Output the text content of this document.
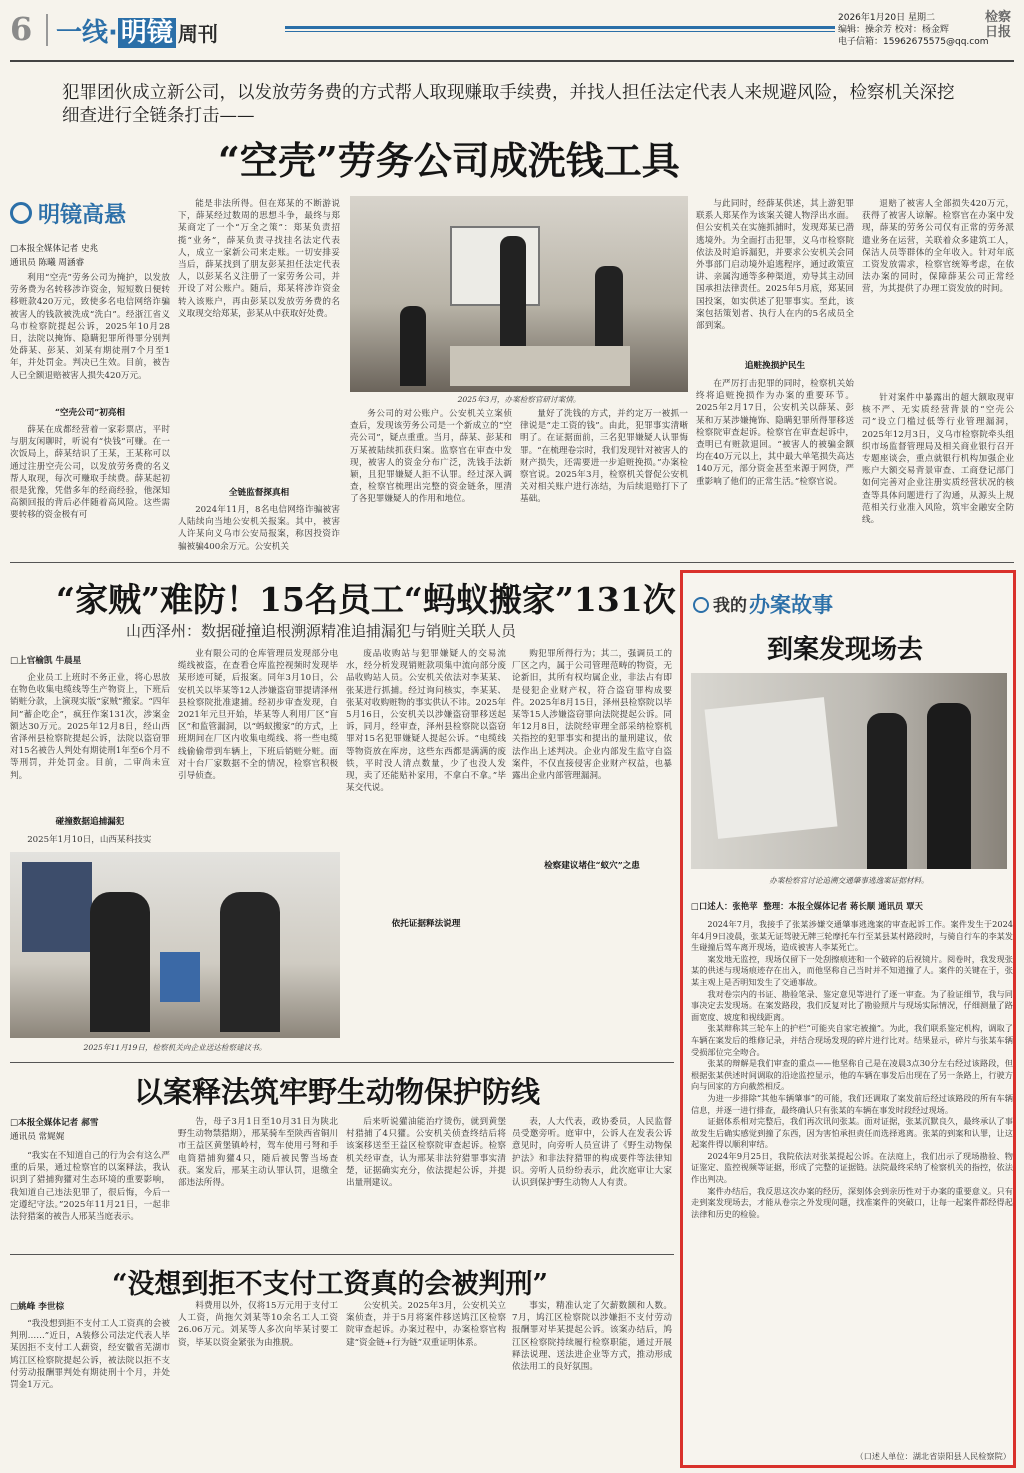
6 一线· 明镜 周刊
2026年1月20日 星期二
编辑：操余芳 校对：杨金辉
电子信箱：15962675575@qq.com
检察日报
犯罪团伙成立新公司，以发放劳务费的方式帮人取现赚取手续费，并找人担任法定代表人来规避风险，检察机关深挖细查进行全链条打击——
“空壳”劳务公司成洗钱工具
明镜高悬
□本报全媒体记者 史兆
通讯员 陈曦 周涵睿

利用“空壳”劳务公司为掩护，以发放劳务费为名转移涉诈资金，短短数日便转移赃款420万元，致使多名电信网络诈骗被害人的钱款被洗成“洗白”。经浙江省义乌市检察院提起公诉，2025年10月28日，法院以掩饰、隐瞒犯罪所得罪分别判处薛某、彭某、刘某有期徒刑7个月至1年，并处罚金。判决已生效。目前，被告人已全额退赔被害人损失420万元。

“空壳公司”初亮相

薛某在成都经营着一家彩票店，平时与朋友闲聊时，听说有“快钱”可赚。在一次饭局上，薛某结识了王某，王某称可以通过注册空壳公司，以发放劳务费的名义帮人取现，每次可赚取手续费。薛某起初很是犹豫，凭借多年的经商经验，他深知高额回报的背后必伴随着高风险。这些需要转移的资金极有可

能是非法所得。但在郑某的不断游说下，薛某经过数周的思想斗争，最终与郑某商定了一个“万全之策”：郑某负责招揽“业务”，薛某负责寻找挂名法定代表人，成立一家新公司来走账。一切安排妥当后，薛某找到了朋友彭某担任法定代表人，以彭某名义注册了一家劳务公司，并开设了对公账户。随后，郑某将涉诈资金转入该账户，再由彭某以发放劳务费的名义取现交给郑某，彭某从中获取好处费。

全链监督探真相

2024年11月，8名电信网络诈骗被害人陆续向当地公安机关报案。其中，被害人许某向义乌市公安局报案，称因投资诈骗被骗400余万元。公安机关

2025年3月，办案检察官研讨案情。

务公司的对公账户。公安机关立案侦查后，发现该劳务公司是一个新成立的“空壳公司”，疑点重重。当月，薛某、彭某和万某被陆续抓获归案。监察官在审查中发现，被害人的资金分布广泛，洗钱手法新颖，且犯罪嫌疑人拒不认罪。经过深入调查，检察官梳理出完整的资金链条，厘清了各犯罪嫌疑人的作用和地位。

量好了洗钱的方式，并约定万一被抓一律说是“走工资的钱”。由此，犯罪事实清晰明了。在证据面前，三名犯罪嫌疑人认罪悔罪。“在梳理卷宗时，我们发现针对被害人的财产损失，还需要进一步追赃挽损。”办案检察官说。2025年3月，检察机关督促公安机关对相关账户进行冻结，为后续退赔打下了基础。

与此同时，经薛某供述，其上游犯罪联系人郑某作为该案关键人物浮出水面。但公安机关在实施抓捕时，发现郑某已潜逃境外。为全面打击犯罪，义乌市检察院依法及时追诉漏犯，并要求公安机关会同外事部门启动境外追逃程序，通过政策宣讲、亲属沟通等多种渠道，劝导其主动回国承担法律责任。2025年5月底，郑某回国投案，如实供述了犯罪事实。至此，该案包括策划者、执行人在内的5名成员全部到案。

追赃挽损护民生

在严厉打击犯罪的同时，检察机关始终将追赃挽损作为办案的重要环节。2025年2月17日，公安机关以薛某、彭某和万某涉嫌掩饰、隐瞒犯罪所得罪移送检察院审查起诉。检察官在审查起诉中，查明已有赃款退回。“被害人的被骗金额均在40万元以上，其中最大单笔损失高达140万元，部分资金甚至来源于网贷，严重影响了他们的正常生活。”检察官说。

退赔了被害人全部损失420万元，获得了被害人谅解。检察官在办案中发现，薛某的劳务公司仅有正常的劳务派遣业务在运营，关联着众多建筑工人，保洁人员等群体的全年收入。针对年底工资发放需求，检察官统筹考虑，在依法办案的同时，保障薛某公司正常经营，为其提供了办理工资发放的时间。

针对案件中暴露出的超大额取现审核不严、无实质经营背景的“空壳公司”设立门槛过低等行业管理漏洞，2025年12月3日，义乌市检察院牵头组织市场监督管理局及相关商业银行召开专题座谈会，重点就银行机构加强企业账户大额交易背景审查、工商登记部门如何完善对企业注册实质经营状况的核查等具体问题进行了沟通，从源头上规范相关行业准入风险，筑牢金融安全防线。

“家贼”难防！15名员工“蚂蚁搬家”131次
山西泽州：数据碰撞追根溯源精准追捕漏犯与销赃关联人员
□上官榆凯 牛晨星

企业员工上班时不务正业，将心思放在物色收集电缆线等生产物资上，下班后销赃分款，上演现实版“家贼”搬家。“四年间”蓄企吃企”，疯狂作案131次，涉案金额达30万元。2025年12月8日，经山西省泽州县检察院提起公诉，法院以盗窃罪对15名被告人判处有期徒刑1年至6个月不等刑罚，并处罚金。目前，二审尚未宣判。

碰撞数据追捕漏犯

2025年1月10日，山西某科技实

业有限公司的仓库管理员发现部分电缆线被盗，在查看仓库监控视频时发现毕某形迹可疑，后报案。同年3月10日，公安机关以毕某等12人涉嫌盗窃罪提请泽州县检察院批准逮捕。经初步审查发现，自2021年元旦开始，毕某等人利用厂区“盲区”和监管漏洞，以“蚂蚁搬家”的方式，上班期间在厂区内收集电缆线、将一些电缆线偷偷带到车辆上，下班后销赃分赃。面对十台厂家数据不全的情况，检察官积极引导侦查。

2025年11月19日，检察机关向企业送达检察建议书。

废品收购站与犯罪嫌疑人的交易流水，经分析发现销赃款项集中流向部分废品收购站人员。公安机关依法对李某某、张某进行抓捕。经过询问核实，李某某、张某对收购赃物的事实供认不讳。2025年5月16日，公安机关以涉嫌盗窃罪移送起诉，同月，经审查，泽州县检察院以盗窃罪对15名犯罪嫌疑人提起公诉。“电缆线等物资放在库房，这些东西都是满满的废铁，平时没人清点数量，少了也没人发现，卖了还能贴补家用，不拿白不拿。”毕某交代说。

依托证据释法说理

购犯罪所得行为；其二，强调员工的厂区之内，属于公司管理范畴的物资，无论新旧，其所有权均属企业，非法占有即是侵犯企业财产权，符合盗窃罪构成要件。2025年8月15日，泽州县检察院以毕某等15人涉嫌盗窃罪向法院提起公诉。同年12月8日，法院经审理全部采纳检察机关指控的犯罪事实和提出的量刑建议，依法作出上述判决。企业内部发生监守自盗案件，不仅直接侵害企业财产权益，也暴露出企业内部管理漏洞。

检察建议堵住“蚁穴”之患
以案释法筑牢野生动物保护防线
□本报全媒体记者 郝雪
通讯员 常娓娓

“我实在不知道自己的行为会有这么严重的后果，通过检察官的以案释法，我认识到了猎捕狗獾对生态环境的重要影响，我知道自己违法犯罪了，很后悔，今后一定遵纪守法。”2025年11月21日，一起非法狩猎案的被告人邢某当庭表示。

告，母子3月1日至10月31日为陕北野生动物禁猎期），邢某骑车至陕西省铜川市王益区黄堡镇岭村，驾车使用弓弩和手电筒猎捕狗獾4只，随后被民警当场查获。案发后，邢某主动认罪认罚，退缴全部违法所得。

后来听说獾油能治疗烫伤，就到黄堡村猎捕了4只獾。公安机关侦查终结后将该案移送至王益区检察院审查起诉。检察机关经审查，认为邢某非法狩猎罪事实清楚，证据确实充分，依法提起公诉，并提出量刑建议。

表，人大代表，政协委员，人民监督员受邀旁听。庭审中，公诉人在发表公诉意见时，向旁听人员宣讲了《野生动物保护法》和非法狩猎罪的构成要件等法律知识。旁听人员纷纷表示，此次庭审让大家认识到保护野生动物人人有责。

“没想到拒不支付工资真的会被判刑”
□姚峰 李世棕

“我没想到拒不支付工人工资真的会被判刑……”近日，A装修公司法定代表人毕某因拒不支付工人薪资，经安徽省芜湖市鸠江区检察院提起公诉，被法院以拒不支付劳动报酬罪判处有期徒刑十个月，并处罚金1万元。

料费用以外，仅将15万元用于支付工人工资，尚拖欠刘某等10余名工人工资26.06万元。刘某等人多次向毕某讨要工资，毕某以资金紧张为由推脱。

公安机关。2025年3月，公安机关立案侦查，并于5月将案件移送鸠江区检察院审查起诉。办案过程中，办案检察官构建“资金链+行为链”双重证明体系。

事实，精准认定了欠薪数额和人数。7月，鸠江区检察院以涉嫌拒不支付劳动报酬罪对毕某提起公诉。该案办结后，鸠江区检察院持续履行检察职能，通过开展释法说理、送法进企业等方式，推动形成依法用工的良好氛围。

我的 办案故事
到案发现场去
办案检察官讨论追溯交通肇事逃逸案证据材料。
□口述人：张艳苹 整理：本报全媒体记者 蒋长顺 通讯员 覃天

2024年7月，我接手了张某涉嫌交通肇事逃逸案的审查起诉工作。案件发生于2024年4月9日凌晨，张某无证驾驶无牌三轮摩托车行至某县某村路段时，与骑自行车的李某发生碰撞后驾车离开现场，造成被害人李某死亡。

案发地无监控，现场仅留下一处刮擦痕迹和一个破碎的后视镜片。阅卷时，我发现张某的供述与现场痕迹存在出入，而他坚称自己当时并不知道撞了人。案件的关键在于，张某主观上是否明知发生了交通事故。

我对卷宗内的书证、勘验笔录、鉴定意见等进行了逐一审查。为了验证细节，我与同事决定去发现场。在案发路段，我们反复对比了勘验照片与现场实际情况，仔细测量了路面宽度、坡度和视线距离。

张某辩称其三轮车上的护栏“可能夹自家宅被撞”。为此，我们联系鉴定机构，调取了车辆在案发后的维修记录，并结合现场发现的碎片进行比对。结果显示，碎片与张某车辆受损部位完全吻合。

张某的辩解是我们审查的重点——他坚称自己是在凌晨3点30分左右经过该路段，但根据张某供述时间调取的沿途监控显示，他的车辆在事发后出现在了另一条路上，行驶方向与回家的方向截然相反。

为进一步排除“其他车辆肇事”的可能，我们还调取了案发前后经过该路段的所有车辆信息，并逐一进行排查，最终确认只有张某的车辆在事发时段经过现场。

证据体系相对完整后，我们再次讯问张某。面对证据，张某沉默良久，最终承认了事故发生后确实感觉到撞了东西，因为害怕承担责任而选择逃离。张某的到案和认罪，让这起案件得以顺利审结。

2024年9月25日，我院依法对张某提起公诉。在法庭上，我们出示了现场勘验、物证鉴定、监控视频等证据，形成了完整的证据链。法院最终采纳了检察机关的指控，依法作出判决。

案件办结后，我反思这次办案的经历，深刻体会到亲历性对于办案的重要意义。只有走到案发现场去，才能从卷宗之外发现问题，找准案件的突破口，让每一起案件都经得起法律和历史的检验。

（口述人单位：湖北省崇阳县人民检察院）
